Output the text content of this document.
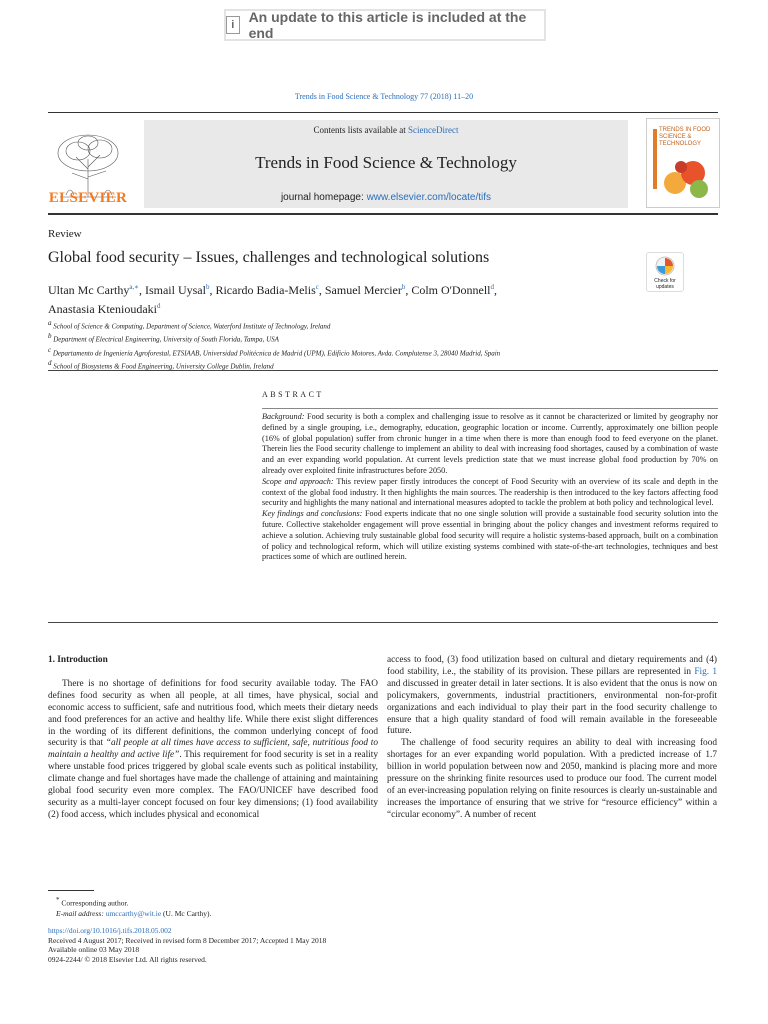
i	An update to this article is included at the end
Trends in Food Science & Technology 77 (2018) 11–20
ELSEVIER
Contents lists available at ScienceDirect
Trends in Food Science & Technology
journal homepage: www.elsevier.com/locate/tifs
TRENDS IN FOOD SCIENCE & TECHNOLOGY
Review
Global food security – Issues, challenges and technological solutions
Check for updates
Ultan Mc Carthy$^{a,∗}$, Ismail Uysal$^b$, Ricardo Badia-Melis$^c$, Samuel Mercier$^b$, Colm O'Donnell$^d$,
Anastasia Ktenioudaki$^d$
$^a$ School of Science & Computing, Department of Science, Waterford Institute of Technology, Ireland
$^b$ Department of Electrical Engineering, University of South Florida, Tampa, USA
$^c$ Departamento de Ingeniería Agroforestal, ETSIAAB, Universidad Politécnica de Madrid (UPM), Edificio Motores, Avda. Complutense 3, 28040 Madrid, Spain
$^d$ School of Biosystems & Food Engineering, University College Dublin, Ireland
ABSTRACT
Background: Food security is both a complex and challenging issue to resolve as it cannot be characterized or limited by geography nor defined by a single grouping, i.e., demography, education, geographic location or income. Currently, approximately one billion people (16% of global population) suffer from chronic hunger in a time when there is more than enough food to feed everyone on the planet. Therein lies the Food security challenge to implement an ability to deal with increasing food shortages, caused by a combination of waste and an ever expanding world population. At current levels prediction state that we must increase global food production by 70% on already over exploited finite infrastructures before 2050.
Scope and approach: This review paper firstly introduces the concept of Food Security with an overview of its scale and depth in the context of the global food industry. It then highlights the main sources. The readership is then introduced to the key factors affecting food security and highlights the many national and international measures adopted to tackle the problem at both policy and technological level.
Key findings and conclusions: Food experts indicate that no one single solution will provide a sustainable food security solution into the future. Collective stakeholder engagement will prove essential in bringing about the policy changes and investment reforms required to achieve a solution. Achieving truly sustainable global food security will require a holistic systems-based approach, built on a combination of policy and technological reform, which will utilize existing systems combined with state-of-the-art technologies, techniques and best practices some of which are outlined herein.
1. Introduction

There is no shortage of definitions for food security available today. The FAO defines food security as when all people, at all times, have physical, social and economic access to sufficient, safe and nutritious food, which meets their dietary needs and food preferences for an active and healthy life. While there exist slight differences in the wording of its different definitions, the common underlying concept of food security is that “all people at all times have access to sufficient, safe, nutritious food to maintain a healthy and active life”. This requirement for food security is set in a reality where unstable food prices triggered by global scale events such as political instability, climate change and fuel shortages have made the challenge of attaining and maintaining global food security even more complex. The FAO/UNICEF have described food security as a multi-layer concept focused on four key dimensions; (1) food availability (2) food access, which includes physical and economical

access to food, (3) food utilization based on cultural and dietary requirements and (4) food stability, i.e., the stability of its provision. These pillars are represented in Fig. 1 and discussed in greater detail in later sections. It is also evident that the onus is now on policymakers, governments, industrial practitioners, environmental non-for-profit organizations and each individual to play their part in the food security challenge to ensure that a high quality standard of food will remain available in the foreseeable future.

The challenge of food security requires an ability to deal with increasing food shortages for an ever expanding world population. With a predicted increase of 1.7 billion in world population between now and 2050, mankind is placing more and more pressure on the shrinking finite resources used to produce our food. The current model of an ever-increasing population relying on finite resources is clearly un-sustainable and increases the importance of ensuring that we strive for “resource efficiency” within a “circular economy”. A number of recent

* Corresponding author.
E-mail address: umccarthy@wit.ie (U. Mc Carthy).
https://doi.org/10.1016/j.tifs.2018.05.002
Received 4 August 2017; Received in revised form 8 December 2017; Accepted 1 May 2018
Available online 03 May 2018
0924-2244/ © 2018 Elsevier Ltd. All rights reserved.
